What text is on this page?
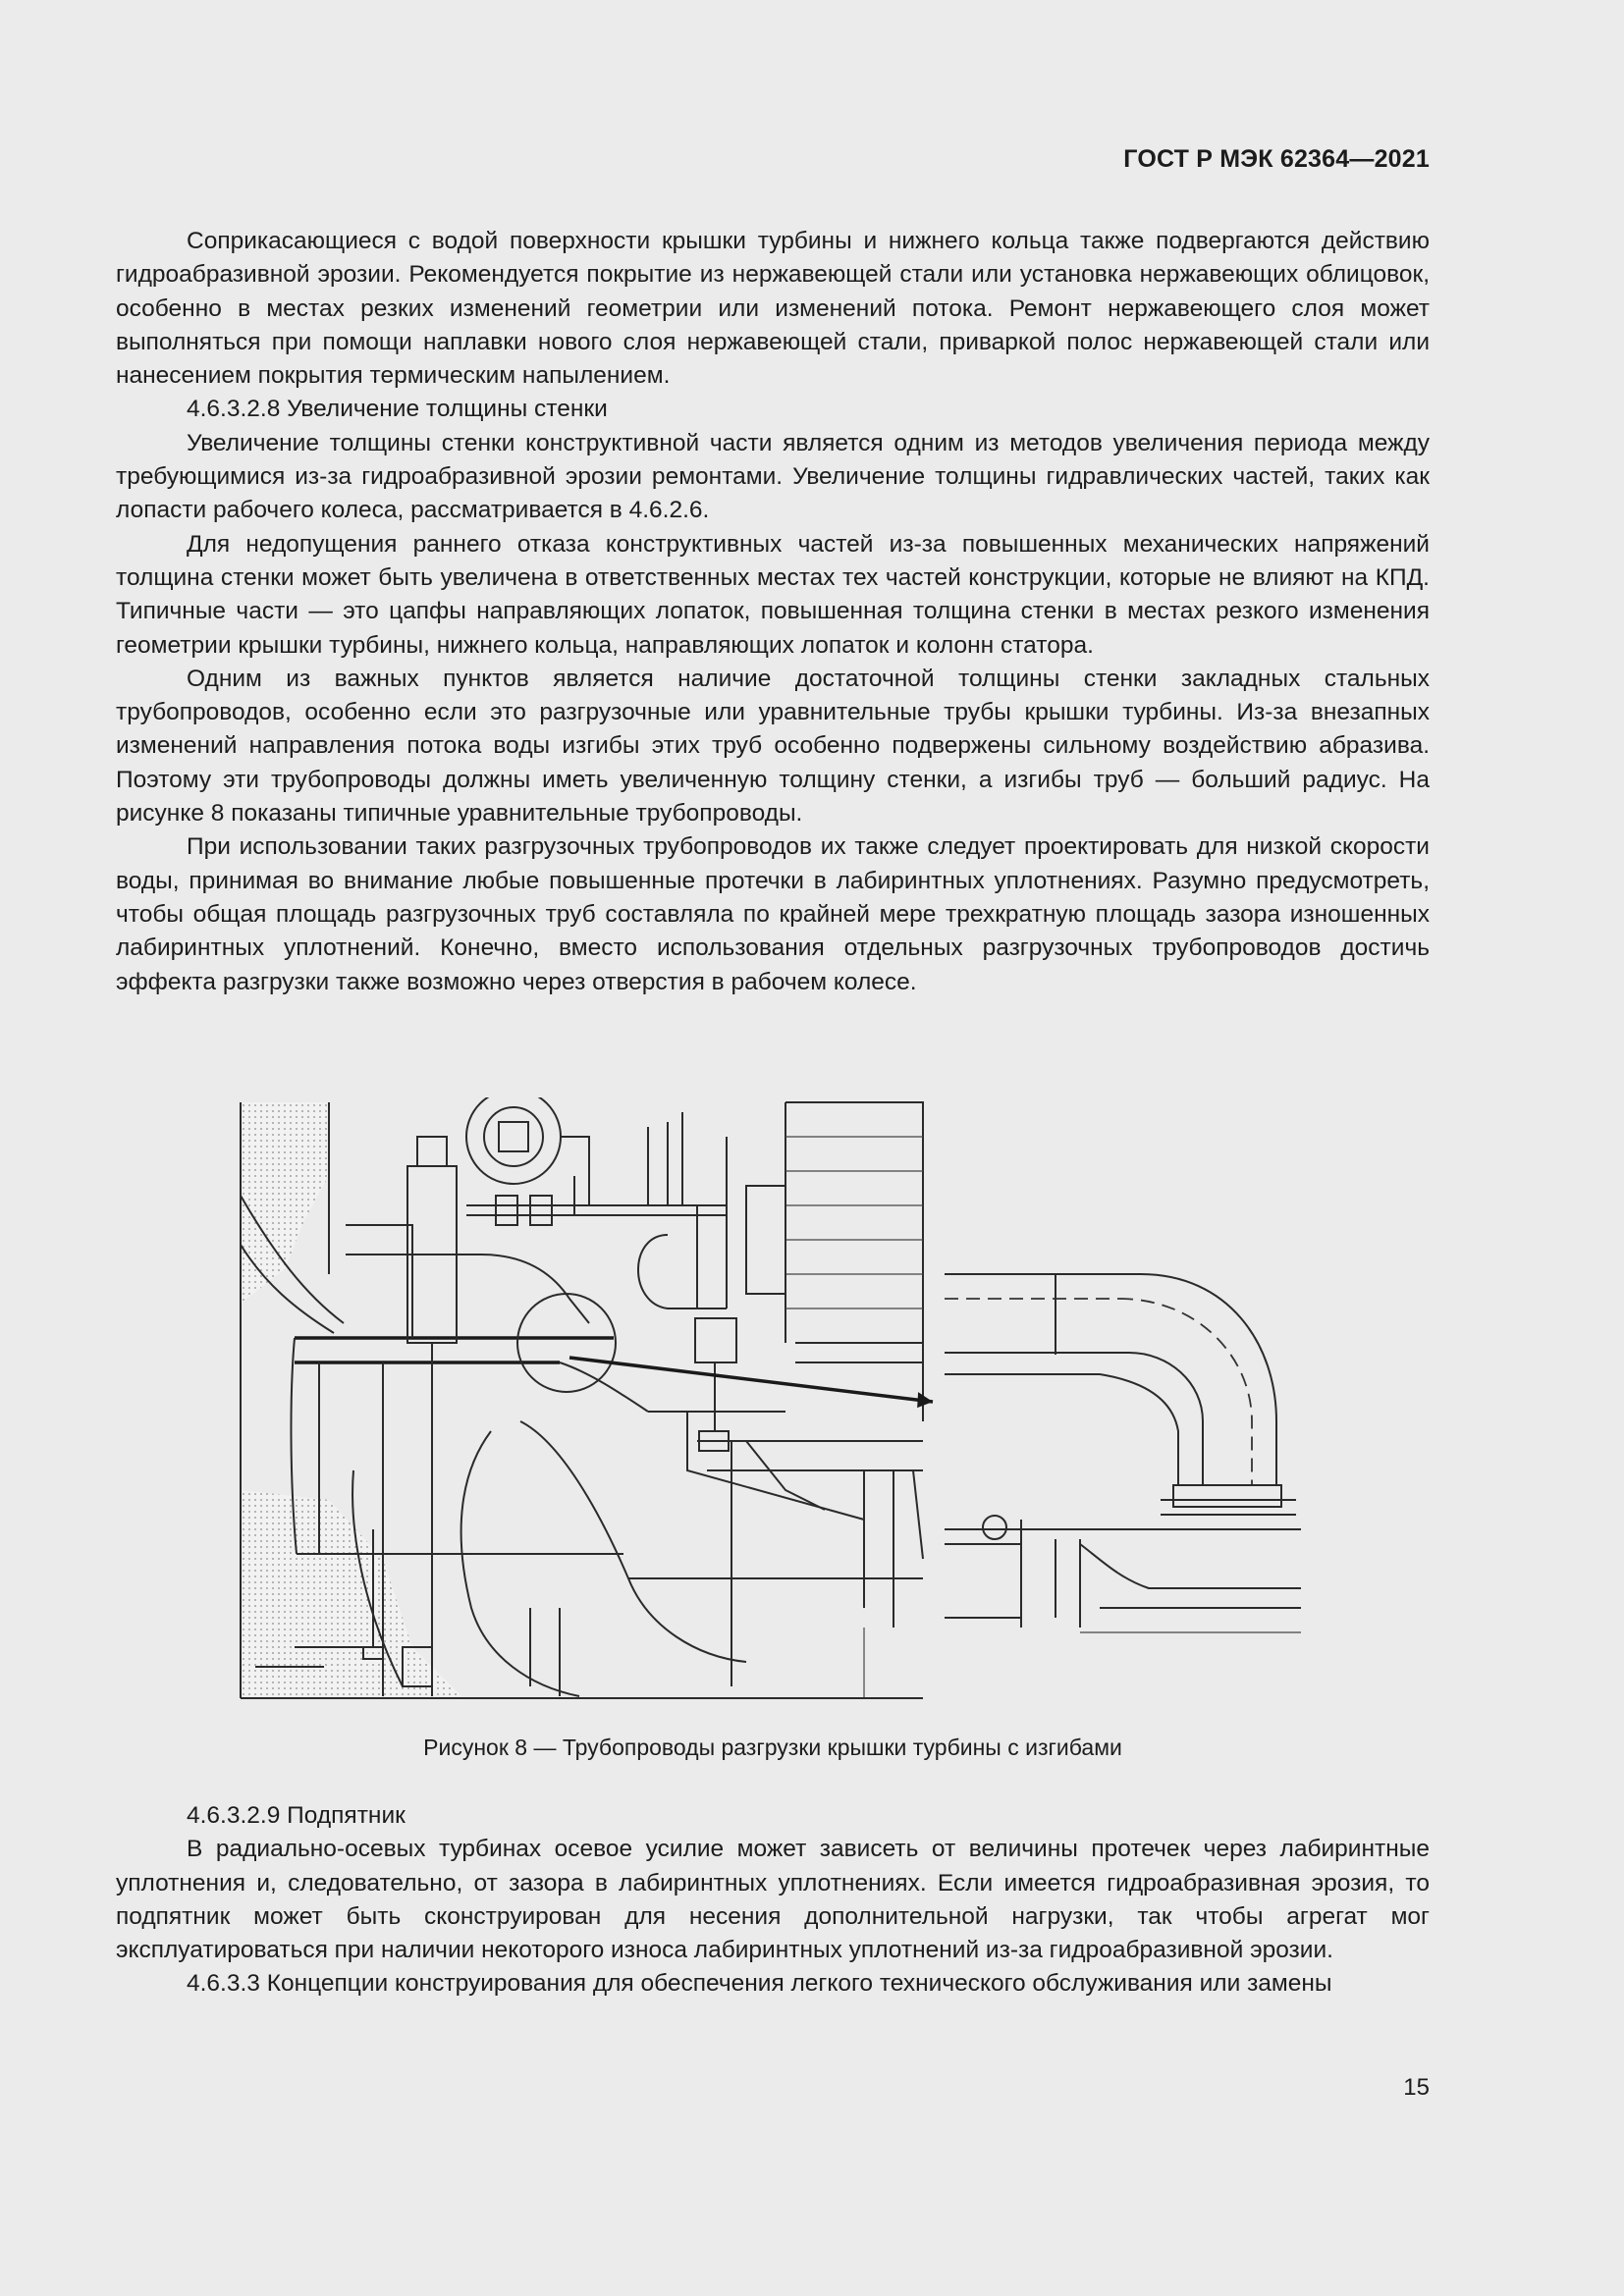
ГОСТ Р МЭК 62364—2021

Соприкасающиеся с водой поверхности крышки турбины и нижнего кольца также подвергаются действию гидроабразивной эрозии. Рекомендуется покрытие из нержавеющей стали или установка нержавеющих облицовок, особенно в местах резких изменений геометрии или изменений потока. Ремонт нержавеющего слоя может выполняться при помощи наплавки нового слоя нержавеющей стали, приваркой полос нержавеющей стали или нанесением покрытия термическим напылением.

4.6.3.2.8 Увеличение толщины стенки

Увеличение толщины стенки конструктивной части является одним из методов увеличения периода между требующимися из-за гидроабразивной эрозии ремонтами. Увеличение толщины гидравлических частей, таких как лопасти рабочего колеса, рассматривается в 4.6.2.6.

Для недопущения раннего отказа конструктивных частей из-за повышенных механических напряжений толщина стенки может быть увеличена в ответственных местах тех частей конструкции, которые не влияют на КПД. Типичные части — это цапфы направляющих лопаток, повышенная толщина стенки в местах резкого изменения геометрии крышки турбины, нижнего кольца, направляющих лопаток и колонн статора.

Одним из важных пунктов является наличие достаточной толщины стенки закладных стальных трубопроводов, особенно если это разгрузочные или уравнительные трубы крышки турбины. Из-за внезапных изменений направления потока воды изгибы этих труб особенно подвержены сильному воздействию абразива. Поэтому эти трубопроводы должны иметь увеличенную толщину стенки, а изгибы труб — больший радиус. На рисунке 8 показаны типичные уравнительные трубопроводы.

При использовании таких разгрузочных трубопроводов их также следует проектировать для низкой скорости воды, принимая во внимание любые повышенные протечки в лабиринтных уплотнениях. Разумно предусмотреть, чтобы общая площадь разгрузочных труб составляла по крайней мере трехкратную площадь зазора изношенных лабиринтных уплотнений. Конечно, вместо использования отдельных разгрузочных трубопроводов достичь эффекта разгрузки также возможно через отверстия в рабочем колесе.

Рисунок 8 — Трубопроводы разгрузки крышки турбины с изгибами

4.6.3.2.9 Подпятник

В радиально-осевых турбинах осевое усилие может зависеть от величины протечек через лабиринтные уплотнения и, следовательно, от зазора в лабиринтных уплотнениях. Если имеется гидроабразивная эрозия, то подпятник может быть сконструирован для несения дополнительной нагрузки, так чтобы агрегат мог эксплуатироваться при наличии некоторого износа лабиринтных уплотнений из-за гидроабразивной эрозии.

4.6.3.3 Концепции конструирования для обеспечения легкого технического обслуживания или замены

15
